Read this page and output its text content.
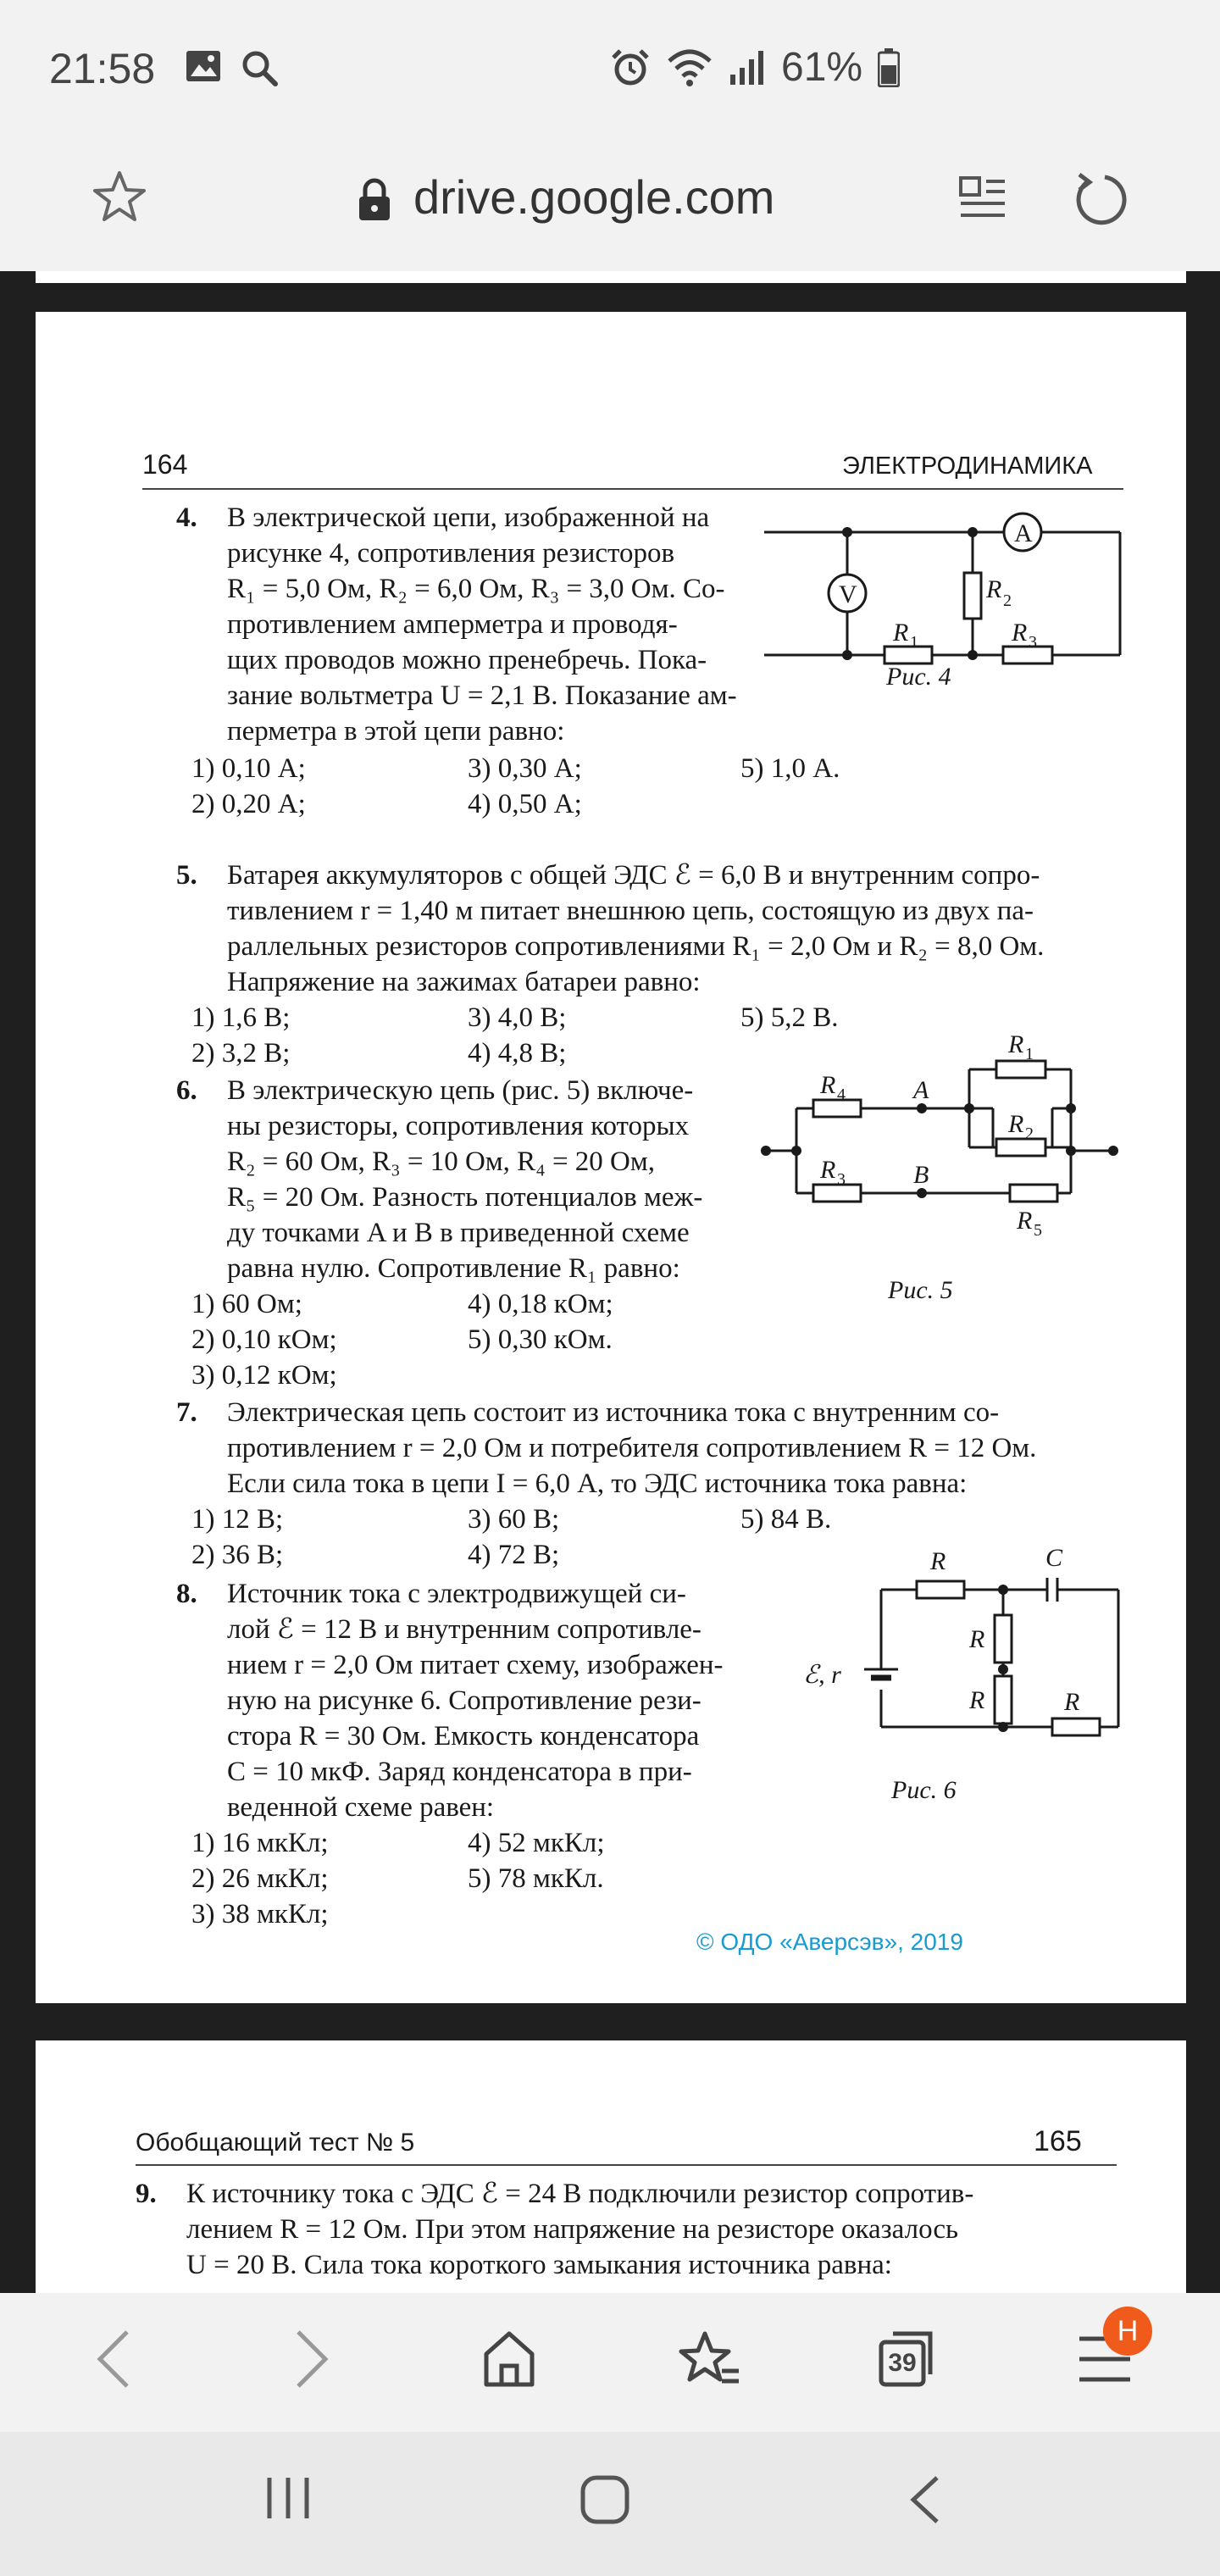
21:58	61%
drive.google.com
164	ЭЛЕКТРОДИНАМИКА
4. В электрической цепи, изображенной на
рисунке 4, сопротивления резисторов
R₁ = 5,0 Ом, R₂ = 6,0 Ом, R₃ = 3,0 Ом. Со-
противлением амперметра и проводя-
щих проводов можно пренебречь. Пока-
зание вольтметра U = 2,1 В. Показание ам-
перметра в этой цепи равно:
1) 0,10 А;	3) 0,30 А;	5) 1,0 А.
2) 0,20 А;	4) 0,50 А;
A
V	R 2
R 1	R 3
Рис. 4
5. Батарея аккумуляторов с общей ЭДС ℰ = 6,0 В и внутренним сопро-
тивлением r = 1,40 м питает внешнюю цепь, состоящую из двух па-
раллельных резисторов сопротивлениями R₁ = 2,0 Ом и R₂ = 8,0 Ом.
Напряжение на зажимах батареи равно:
1) 1,6 В;	3) 4,0 В;	5) 5,2 В.
2) 3,2 В;	4) 4,8 В;
6. В электрическую цепь (рис. 5) включе-
ны резисторы, сопротивления которых
R₂ = 60 Ом, R₃ = 10 Ом, R₄ = 20 Ом,
R₅ = 20 Ом. Разность потенциалов меж-
ду точками A и B в приведенной схеме
равна нулю. Сопротивление R₁ равно:
1) 60 Ом;	4) 0,18 кОм;
2) 0,10 кОм;	5) 0,30 кОм.
3) 0,12 кОм;
R
R
R
R
R
A
B
1
2
4
3
5
Рис. 5
7. Электрическая цепь состоит из источника тока с внутренним со-
противлением r = 2,0 Ом и потребителя сопротивлением R = 12 Ом.
Если сила тока в цепи I = 6,0 А, то ЭДС источника тока равна:
1) 12 В;	3) 60 В;	5) 84 В.
2) 36 В;	4) 72 В;
8. Источник тока с электродвижущей си-
лой ℰ = 12 В и внутренним сопротивле-
нием r = 2,0 Ом питает схему, изображен-
ную на рисунке 6. Сопротивление рези-
стора R = 30 Ом. Емкость конденсатора
C = 10 мкФ. Заряд конденсатора в при-
веденной схеме равен:
1) 16 мкКл;	4) 52 мкКл;
2) 26 мкКл;	5) 78 мкКл.
3) 38 мкКл;
R	C
R
R	R
ℰ, r
Рис. 6
© ОДО «Аверсэв», 2019
Обобщающий тест № 5	165
9. К источнику тока с ЭДС ℰ = 24 В подключили резистор сопротив-
лением R = 12 Ом. При этом напряжение на резисторе оказалось
U = 20 В. Сила тока короткого замыкания источника равна:
39
H
